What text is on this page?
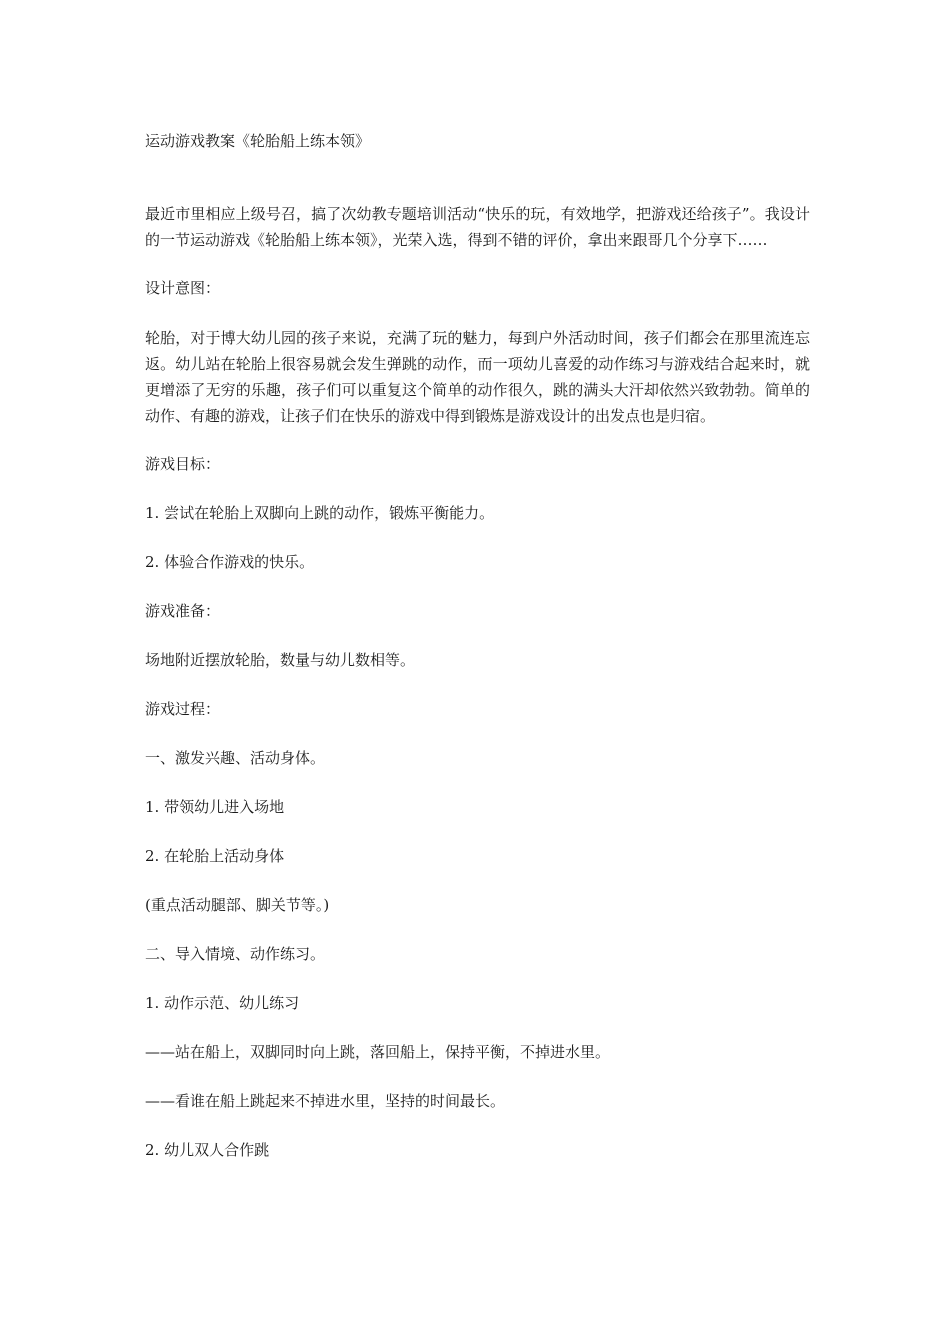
运动游戏教案《轮胎船上练本领》

最近市里相应上级号召，搞了次幼教专题培训活动“快乐的玩，有效地学，把游戏还给孩子”。我设计的一节运动游戏《轮胎船上练本领》，光荣入选，得到不错的评价，拿出来跟哥几个分享下……

设计意图：

轮胎，对于博大幼儿园的孩子来说，充满了玩的魅力，每到户外活动时间，孩子们都会在那里流连忘返。幼儿站在轮胎上很容易就会发生弹跳的动作，而一项幼儿喜爱的动作练习与游戏结合起来时，就更增添了无穷的乐趣，孩子们可以重复这个简单的动作很久，跳的满头大汗却依然兴致勃勃。简单的动作、有趣的游戏，让孩子们在快乐的游戏中得到锻炼是游戏设计的出发点也是归宿。

游戏目标：

1. 尝试在轮胎上双脚向上跳的动作，锻炼平衡能力。

2. 体验合作游戏的快乐。

游戏准备：

场地附近摆放轮胎，数量与幼儿数相等。

游戏过程：

一、激发兴趣、活动身体。

1. 带领幼儿进入场地

2. 在轮胎上活动身体

(重点活动腿部、脚关节等。)

二、导入情境、动作练习。

1. 动作示范、幼儿练习

——站在船上，双脚同时向上跳，落回船上，保持平衡，不掉进水里。

——看谁在船上跳起来不掉进水里，坚持的时间最长。

2. 幼儿双人合作跳
